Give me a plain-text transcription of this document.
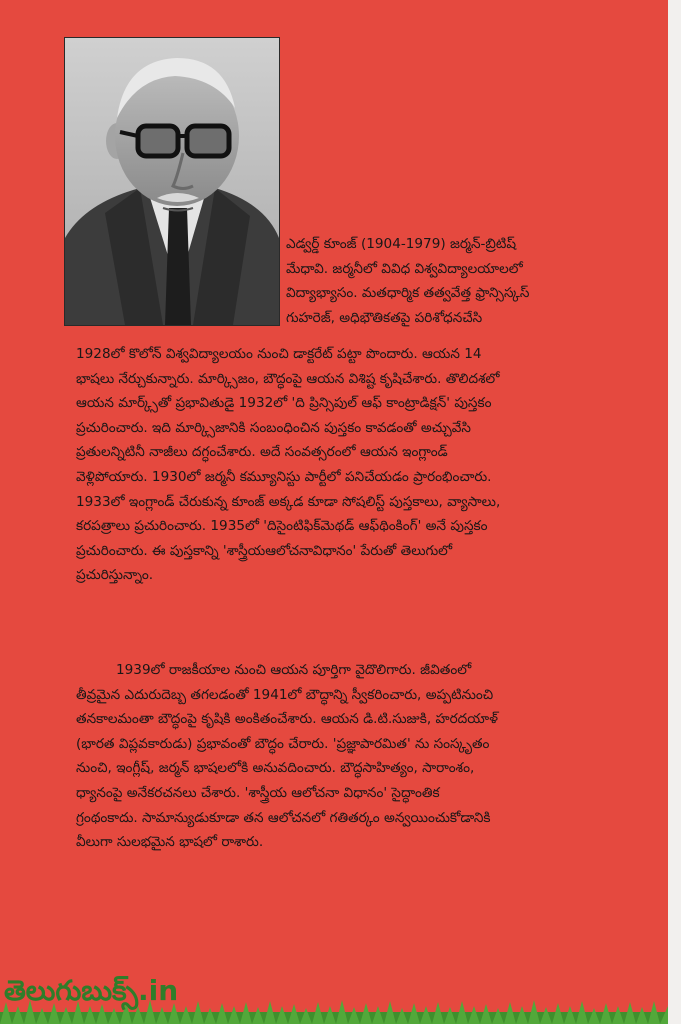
ఎడ్వర్డ్ కూంజ్ (1904-1979) జర్మన్-బ్రిటిష్
మేధావి. జర్మనీలో వివిధ విశ్వవిద్యాలయాలలో
విద్యాభ్యాసం. మతధార్మిక తత్వవేత్త ఫ్రాన్సిస్కస్
గుహరెజ్, అధిభౌతికతపై పరిశోధనచేసి
1928లో కొలోన్ విశ్వవిద్యాలయం నుంచి డాక్టరేట్ పట్టా పొందారు. ఆయన 14
భాషలు నేర్చుకున్నారు. మార్క్సిజం, బౌద్ధంపై ఆయన విశిష్ట కృషిచేశారు. తొలిదశలో
ఆయన మార్క్స్‌తో ప్రభావితుడై 1932లో 'ది ప్రిన్సిపుల్ ఆఫ్ కాంట్రాడిక్షన్' పుస్తకం
ప్రచురించారు. ఇది మార్క్సిజానికి సంబంధించిన పుస్తకం కావడంతో అచ్చువేసి
ప్రతులన్నిటినీ నాజీలు దగ్ధంచేశారు. అదే సంవత్సరంలో ఆయన ఇంగ్లాండ్
వెళ్లిపోయారు. 1930లో జర్మనీ కమ్యూనిస్టు పార్టీలో పనిచేయడం ప్రారంభించారు.
1933లో ఇంగ్లాండ్ చేరుకున్న కూంజ్ అక్కడ కూడా సోషలిస్ట్ పుస్తకాలు, వ్యాసాలు,
కరపత్రాలు ప్రచురించారు. 1935లో 'దిసైంటిఫిక్‌మెథడ్ ఆఫ్‌థింకింగ్' అనే పుస్తకం
ప్రచురించారు. ఈ పుస్తకాన్ని 'శాస్త్రీయఆలోచనావిధానం' పేరుతో తెలుగులో
ప్రచురిస్తున్నాం.
1939లో రాజకీయాల నుంచి ఆయన పూర్తిగా వైదొలిగారు. జీవితంలో
తీవ్రమైన ఎదురుదెబ్బ తగలడంతో 1941లో బౌద్ధాన్ని స్వీకరించారు, అప్పటినుంచి
తనకాలమంతా బౌద్ధంపై కృషికి అంకితంచేశారు. ఆయన డి.టి.సుజుకి, హరదయాళ్
(భారత విప్లవకారుడు) ప్రభావంతో బౌద్ధం చేరారు. 'ప్రజ్ఞాపారమిత' ను సంస్కృతం
నుంచి, ఇంగ్లీష్, జర్మన్ భాషలలోకి అనువదించారు. బౌద్ధసాహిత్యం, సారాంశం,
ధ్యానంపై అనేకరచనలు చేశారు. 'శాస్త్రీయ ఆలోచనా విధానం' సైద్ధాంతిక
గ్రంథంకాదు. సామాన్యుడుకూడా తన ఆలోచనలో గతితర్కం అన్వయించుకోడానికి
వీలుగా సులభమైన భాషలో రాశారు.
తెలుగుబుక్స్.in
